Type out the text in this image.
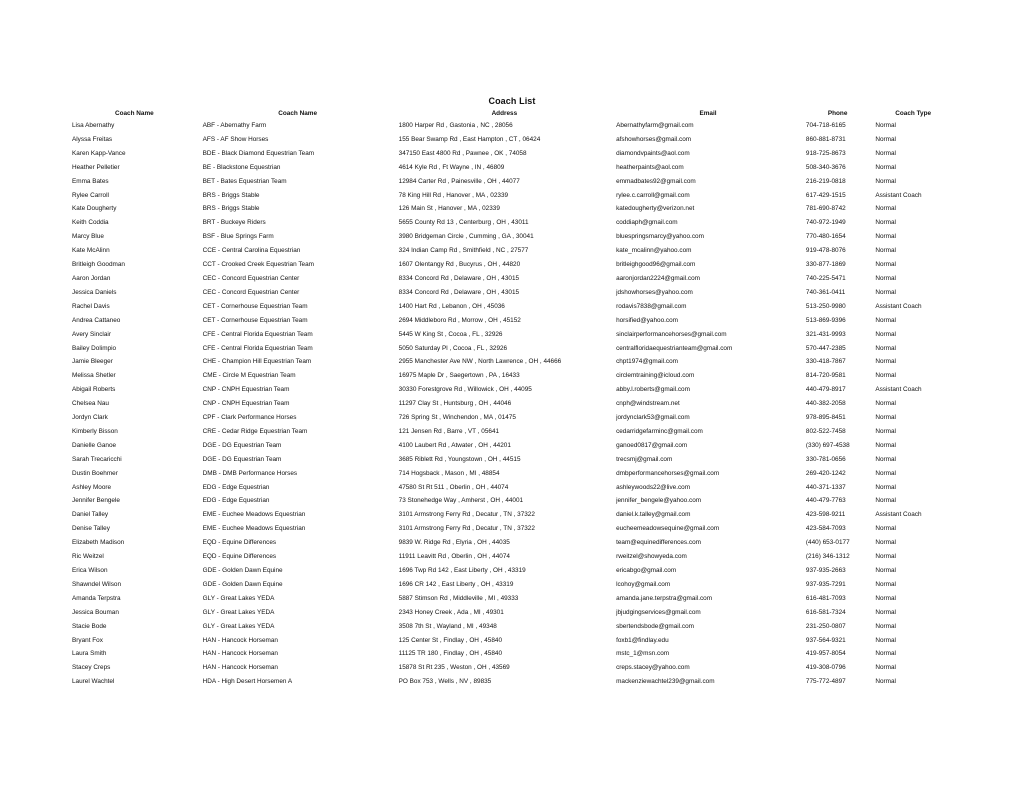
Coach List
Coach Name	Coach Name	Address	Email	Phone	Coach Type
Lisa Abernathy	ABF - Abernathy Farm	1800 Harper Rd , Gastonia , NC , 28056	Abernathyfarm@gmail.com	704-718-6165	Normal
Alyssa Freitas	AFS - AF Show Horses	155 Bear Swamp Rd , East Hampton , CT , 06424	afshowhorses@gmail.com	860-881-8731	Normal
Karen Kapp-Vance	BDE - Black Diamond Equestrian Team	347150 East 4800 Rd , Pawnee , OK , 74058	diamondvpaints@aol.com	918-725-8673	Normal
Heather Pelletier	BE - Blackstone Equestrian	4614 Kyle Rd , Ft Wayne , IN , 46809	heatherpaints@aol.com	508-340-3676	Normal
Emma Bates	BET - Bates Equestrian Team	12984 Carter Rd , Painesville , OH , 44077	emmadbates92@gmail.com	216-219-0818	Normal
Rylee Carroll	BRS - Briggs Stable	78 King Hill Rd , Hanover , MA , 02339	rylee.c.carroll@gmail.com	617-429-1515	Assistant Coach
Kate Dougherty	BRS - Briggs Stable	126 Main St , Hanover , MA , 02339	katedougherty@verizon.net	781-690-8742	Normal
Keith Coddia	BRT - Buckeye Riders	5655 County Rd 13 , Centerburg , OH , 43011	coddiaph@gmail.com	740-972-1949	Normal
Marcy Blue	BSF - Blue Springs Farm	3980 Bridgeman Circle , Cumming , GA , 30041	bluespringsmarcy@yahoo.com	770-480-1654	Normal
Kate McAlinn	CCE - Central Carolina Equestrian	324 Indian Camp Rd , Smithfield , NC , 27577	kate_mcalinn@yahoo.com	919-478-8076	Normal
Britleigh Goodman	CCT - Crooked Creek Equestrian Team	1607 Olentangy Rd , Bucyrus , OH , 44820	britleighgood96@gmail.com	330-877-1869	Normal
Aaron Jordan	CEC - Concord Equestrian Center	8334 Concord Rd , Delaware , OH , 43015	aaronjordan2224@gmail.com	740-225-5471	Normal
Jessica Daniels	CEC - Concord Equestrian Center	8334 Concord Rd , Delaware , OH , 43015	jdshowhorses@yahoo.com	740-361-0411	Normal
Rachel Davis	CET - Cornerhouse Equestrian Team	1400 Hart Rd , Lebanon , OH , 45036	rodavis7838@gmail.com	513-250-9980	Assistant Coach
Andrea Cattaneo	CET - Cornerhouse Equestrian Team	2694 Middleboro Rd , Morrow , OH , 45152	horsified@yahoo.com	513-869-9396	Normal
Avery Sinclair	CFE - Central Florida Equestrian Team	5445 W King St , Cocoa , FL , 32926	sinclairperformancehorses@gmail.com	321-431-9993	Normal
Bailey Dolimpio	CFE - Central Florida Equestrian Team	5050 Saturday Pl , Cocoa , FL , 32926	centralfloridaequestrianteam@gmail.com	570-447-2385	Normal
Jamie Bleeger	CHE - Champion Hill Equestrian Team	2955 Manchester Ave NW , North Lawrence , OH , 44666	chpt1974@gmail.com	330-418-7867	Normal
Melissa Shetler	CME - Circle M Equestrian Team	16975 Maple Dr , Saegertown , PA , 16433	circlemtraining@icloud.com	814-720-9581	Normal
Abigail Roberts	CNP - CNPH Equestrian Team	30330 Forestgrove Rd , Willowick , OH , 44095	abby.l.roberts@gmail.com	440-479-8917	Assistant Coach
Chelsea Nau	CNP - CNPH Equestrian Team	11297 Clay St , Huntsburg , OH , 44046	cnph@windstream.net	440-382-2058	Normal
Jordyn Clark	CPF - Clark Performance Horses	726 Spring St , Winchendon , MA , 01475	jordynclark53@gmail.com	978-895-8451	Normal
Kimberly Bisson	CRE - Cedar Ridge Equestrian Team	121 Jensen Rd , Barre , VT , 05641	cedarridgefarminc@gmail.com	802-522-7458	Normal
Danielle Ganoe	DGE - DG Equestrian Team	4100 Laubert Rd , Atwater , OH , 44201	ganoed0817@gmail.com	(330) 697-4538	Normal
Sarah Trecaricchi	DGE - DG Equestrian Team	3685 Riblett Rd , Youngstown , OH , 44515	trecsmj@gmail.com	330-781-0656	Normal
Dustin Boehmer	DMB - DMB Performance Horses	714 Hogsback , Mason , MI , 48854	dmbperformancehorses@gmail.com	269-420-1242	Normal
Ashley Moore	EDG - Edge Equestrian	47580 St Rt 511 , Oberlin , OH , 44074	ashleywoods22@live.com	440-371-1337	Normal
Jennifer Bengele	EDG - Edge Equestrian	73 Stonehedge Way , Amherst , OH , 44001	jennifer_bengele@yahoo.com	440-479-7763	Normal
Daniel Talley	EME - Euchee Meadows Equestrian	3101 Armstrong Ferry Rd , Decatur , TN , 37322	daniel.k.talley@gmail.com	423-598-9211	Assistant Coach
Denise Talley	EME - Euchee Meadows Equestrian	3101 Armstrong Ferry Rd , Decatur , TN , 37322	eucheemeadowsequine@gmail.com	423-584-7093	Normal
Elizabeth Madison	EQD - Equine Differences	9839 W. Ridge Rd , Elyria , OH , 44035	team@equinedifferences.com	(440) 653-0177	Normal
Ric Weitzel	EQD - Equine Differences	11911 Leavitt Rd , Oberlin , OH , 44074	rweitzel@showyeda.com	(216) 346-1312	Normal
Erica Wilson	GDE - Golden Dawn Equine	1696 Twp Rd 142 , East Liberty , OH , 43319	ericabgo@gmail.com	937-935-2663	Normal
Shawndel Wilson	GDE - Golden Dawn Equine	1696 CR 142 , East Liberty , OH , 43319	lcohoy@gmail.com	937-935-7291	Normal
Amanda Terpstra	GLY - Great Lakes YEDA	5887 Stimson Rd , Middleville , MI , 49333	amanda.jane.terpstra@gmail.com	616-481-7093	Normal
Jessica Bouman	GLY - Great Lakes YEDA	2343 Honey Creek , Ada , MI , 49301	jbjudgingservices@gmail.com	616-581-7324	Normal
Stacie Bode	GLY - Great Lakes YEDA	3508 7th St , Wayland , MI , 49348	sbertendsbode@gmail.com	231-250-0807	Normal
Bryant Fox	HAN - Hancock Horseman	125 Center St , Findlay , OH , 45840	foxb1@findlay.edu	937-564-9321	Normal
Laura Smith	HAN - Hancock Horseman	11125 TR 180 , Findlay , OH , 45840	mstc_1@msn.com	419-957-8054	Normal
Stacey Creps	HAN - Hancock Horseman	15878 St Rt 235 , Weston , OH , 43569	creps.stacey@yahoo.com	419-308-0796	Normal
Laurel Wachtel	HDA - High Desert Horsemen A	PO Box 753 , Wells , NV , 89835	mackenziewachtel239@gmail.com	775-772-4897	Normal
